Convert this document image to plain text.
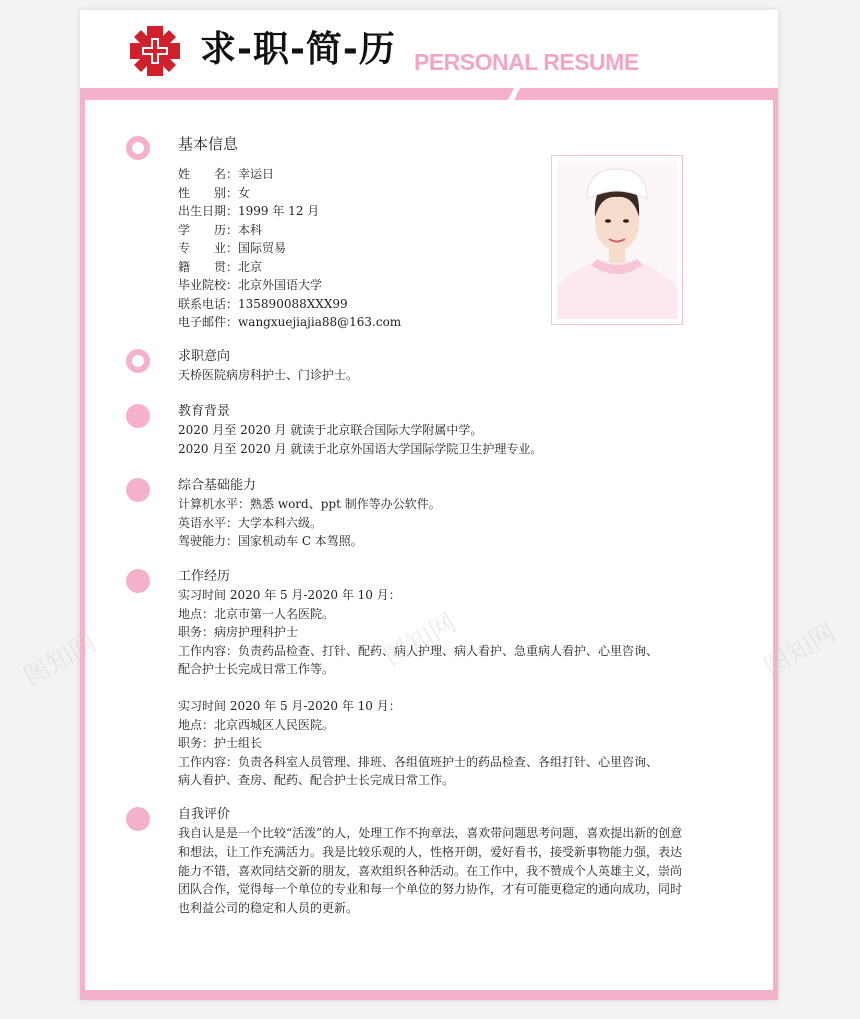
求-职-简-历 PERSONAL RESUME
基本信息
姓　　名：幸运日
性　　别：女
出生日期：1999 年 12 月
学　　历：本科
专　　业：国际贸易
籍　　贯：北京
毕业院校：北京外国语大学
联系电话：135890088XXX99
电子邮件：wangxuejiajia88@163.com
求职意向
天桥医院病房科护士、门诊护士。
教育背景
2020 月至 2020 月 就读于北京联合国际大学附属中学。
2020 月至 2020 月 就读于北京外国语大学国际学院卫生护理专业。
综合基础能力
计算机水平：熟悉 word、ppt 制作等办公软件。
英语水平：大学本科六级。
驾驶能力：国家机动车 C 本驾照。
工作经历
实习时间 2020 年 5 月-2020 年 10 月：
地点：北京市第一人名医院。
职务：病房护理科护士
工作内容：负责药品检查、打针、配药、病人护理、病人看护、急重病人看护、心里咨询、
配合护士长完成日常工作等。
实习时间 2020 年 5 月-2020 年 10 月：
地点：北京西城区人民医院。
职务：护士组长
工作内容：负责各科室人员管理、排班、各组值班护士的药品检查、各组打针、心里咨询、
病人看护、查房、配药、配合护士长完成日常工作。
自我评价
我自认是是一个比较“活泼”的人，处理工作不拘章法，喜欢带问题思考问题，喜欢提出新的创意和想法，让工作充满活力。我是比较乐观的人，性格开朗，爱好看书，接受新事物能力强，表达能力不错，喜欢同结交新的朋友，喜欢组织各种活动。在工作中，我不赞成个人英雄主义，崇尚团队合作，觉得每一个单位的专业和每一个单位的努力协作，才有可能更稳定的通向成功，同时也利益公司的稳定和人员的更新。
图知网	图知网	图知网
